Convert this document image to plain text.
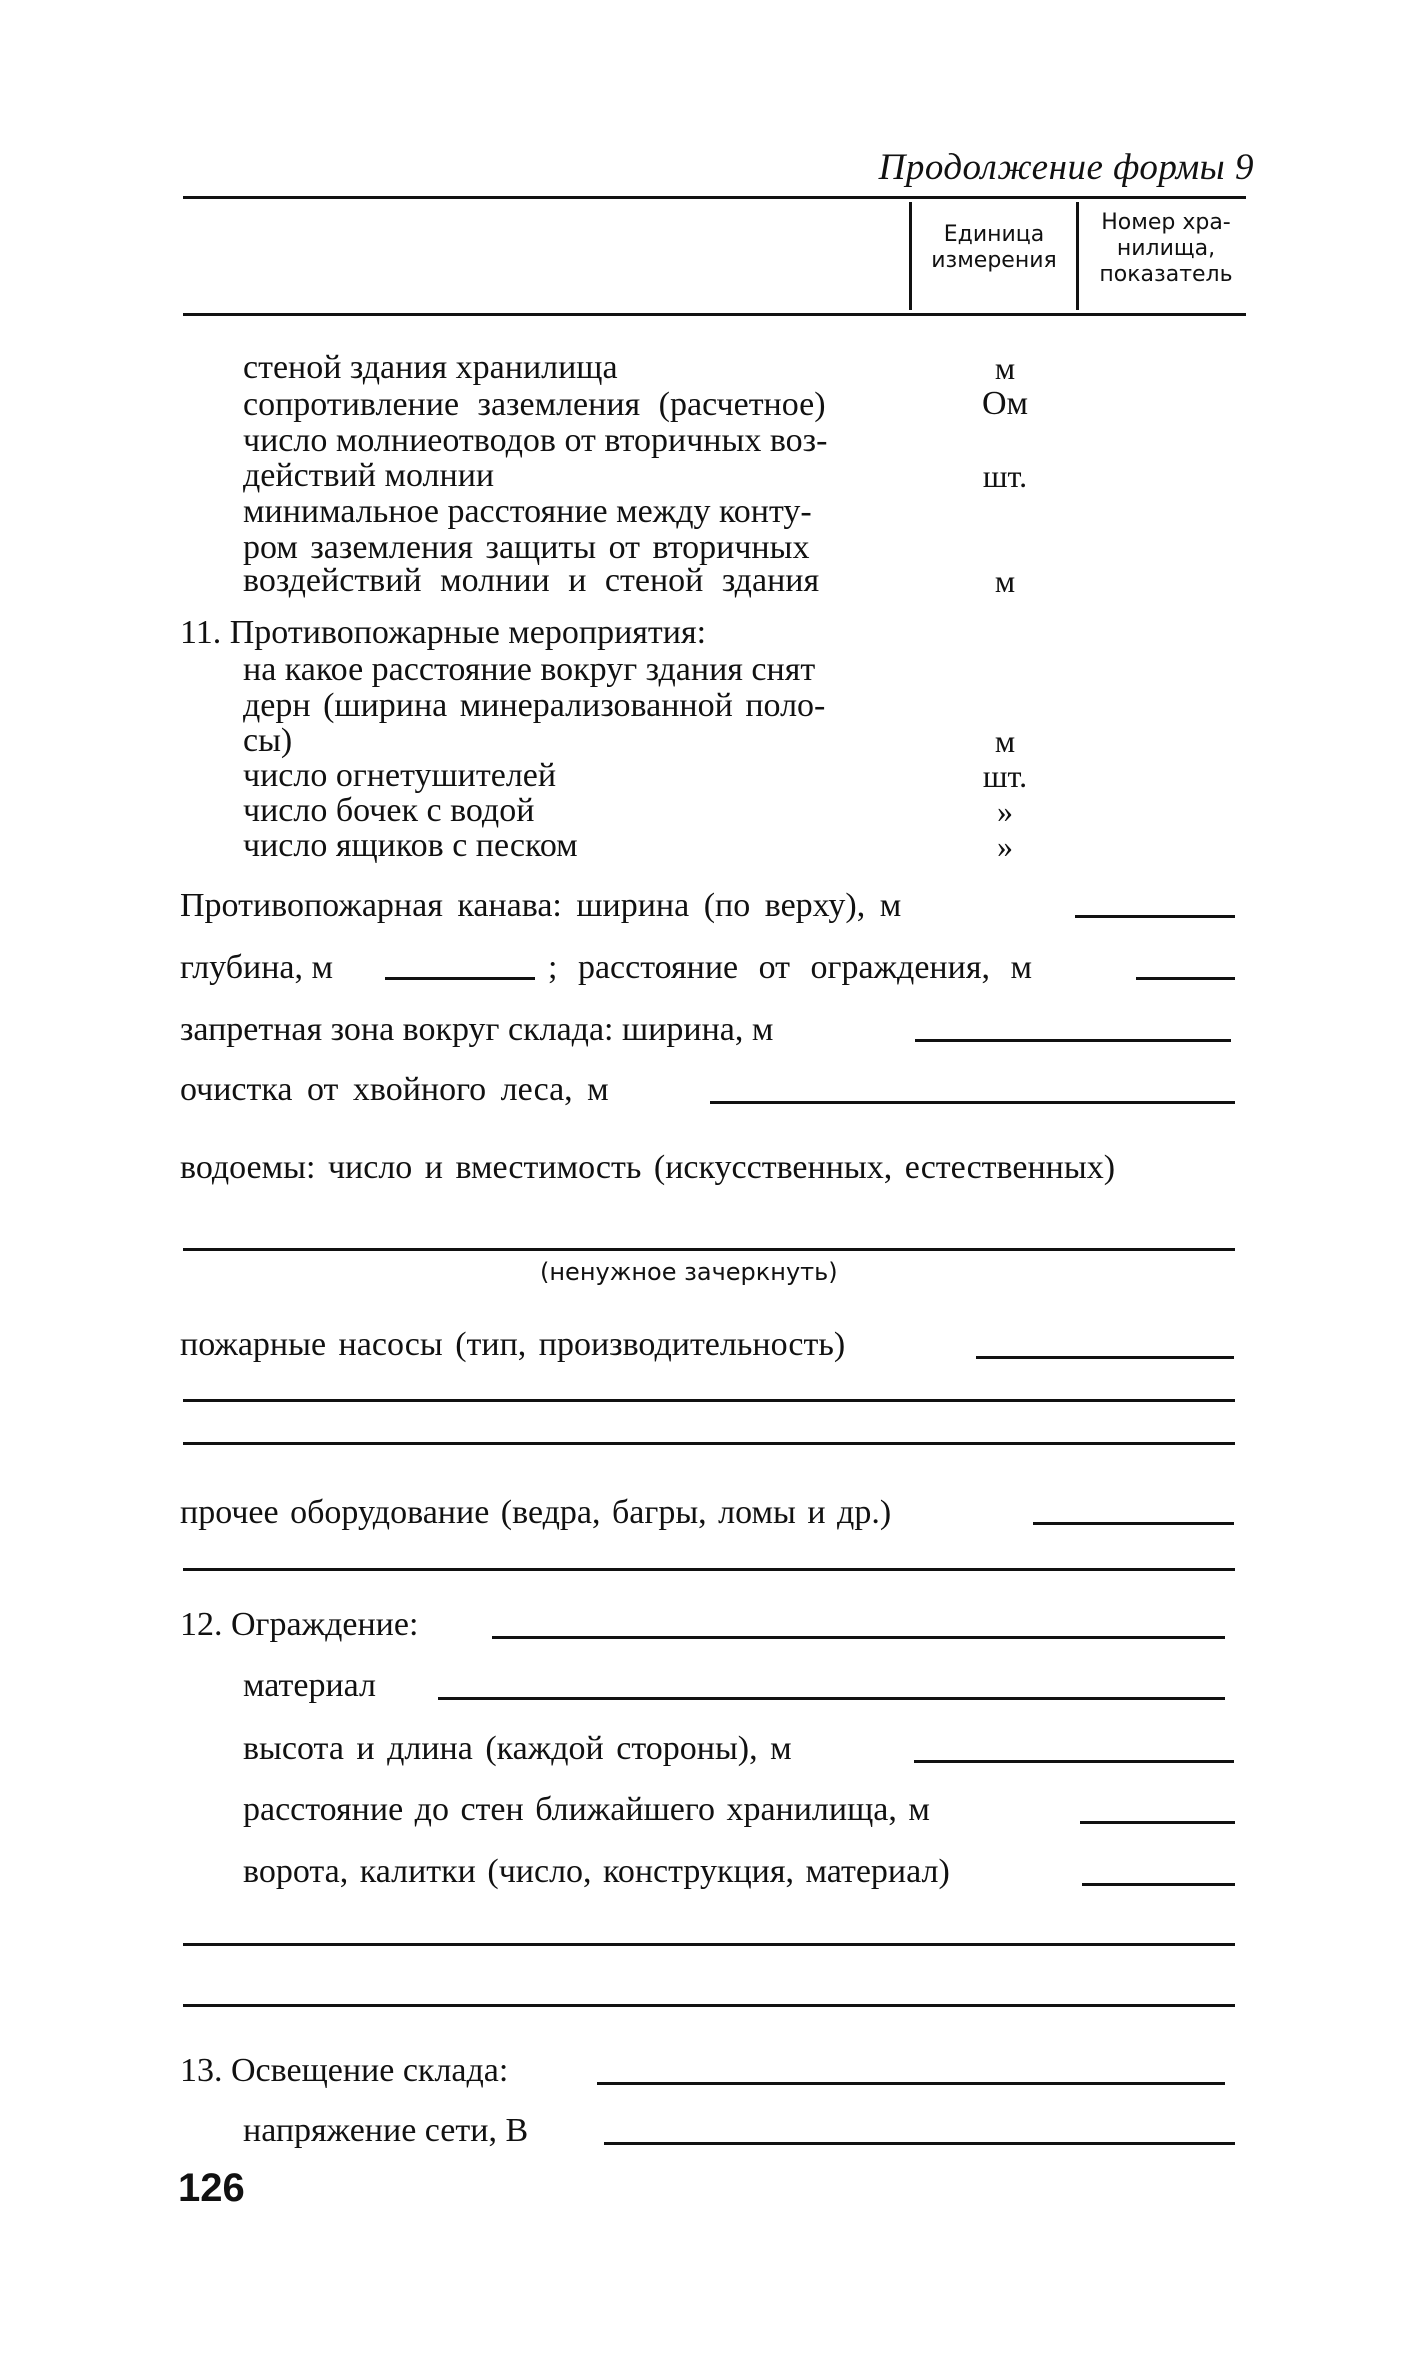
Продолжение формы 9
Единица
измерения
Номер хра-
нилища,
показатель
стеной здания хранилища	м
сопротивление заземления (расчетное)	Ом
число молниеотводов от вторичных воз-
действий молнии	шт.
минимальное расстояние между конту-
ром заземления защиты от вторичных
воздействий молнии и стеной здания	м
11. Противопожарные мероприятия:
на какое расстояние вокруг здания снят
дерн (ширина минерализованной поло-
сы)	м
число огнетушителей	шт.
число бочек с водой	»
число ящиков с песком	»
Противопожарная канава: ширина (по верху), м
глубина, м	; расстояние от ограждения, м
запретная зона вокруг склада: ширина, м
очистка от хвойного леса, м
водоемы: число и вместимость (искусственных, естественных)
(ненужное зачеркнуть)
пожарные насосы (тип, производительность)
прочее оборудование (ведра, багры, ломы и др.)
12. Ограждение:
материал
высота и длина (каждой стороны), м
расстояние до стен ближайшего хранилища, м
ворота, калитки (число, конструкция, материал)
13. Освещение склада:
напряжение сети, В
126
